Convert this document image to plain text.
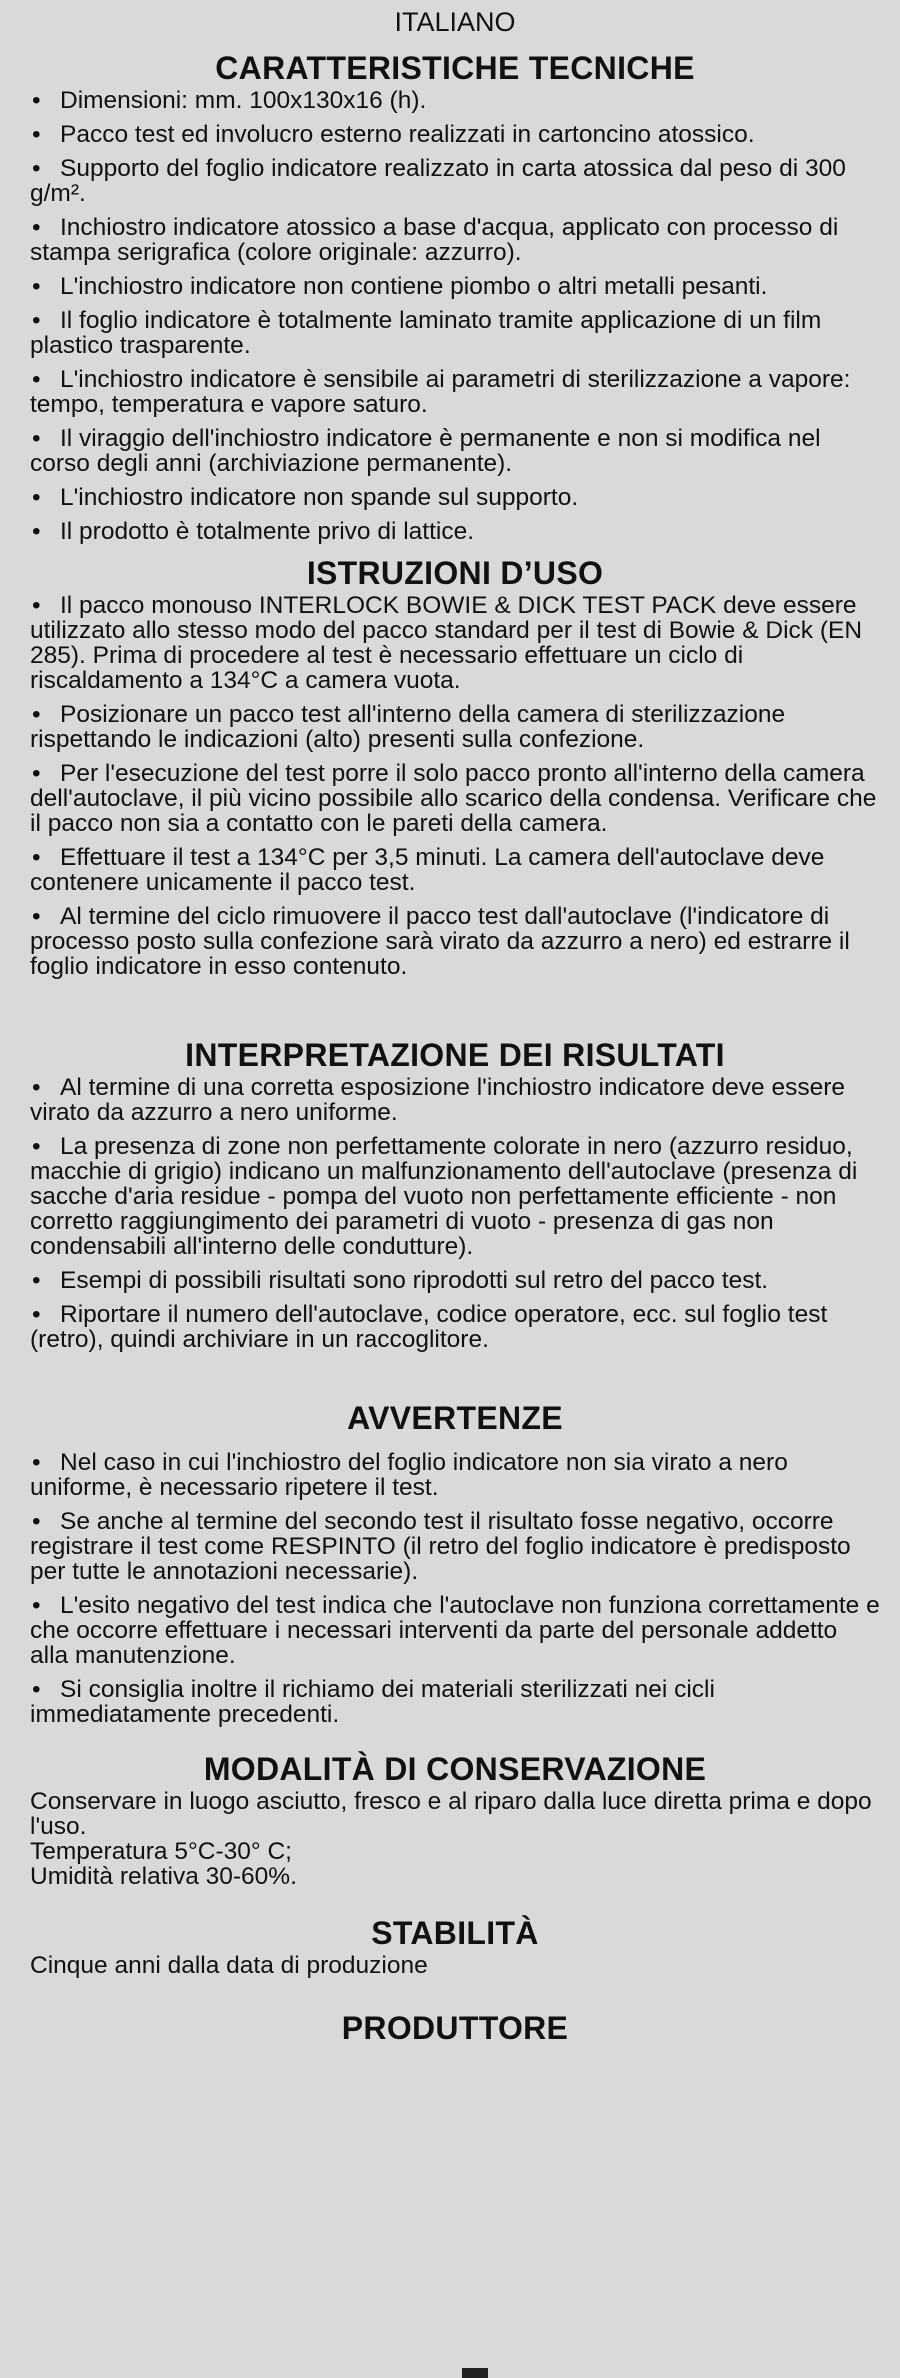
ITALIANO
CARATTERISTICHE TECNICHE
• Dimensioni: mm. 100x130x16 (h).
• Pacco test ed involucro esterno realizzati in cartoncino atossico.
• Supporto del foglio indicatore realizzato in carta atossica dal peso di 300 g/m².
• Inchiostro indicatore atossico a base d'acqua, applicato con processo di stampa serigrafica (colore originale: azzurro).
• L'inchiostro indicatore non contiene piombo o altri metalli pesanti.
• Il foglio indicatore è totalmente laminato tramite applicazione di un film plastico trasparente.
• L'inchiostro indicatore è sensibile ai parametri di sterilizzazione a vapore: tempo, temperatura e vapore saturo.
• Il viraggio dell'inchiostro indicatore è permanente e non si modifica nel corso degli anni (archiviazione permanente).
• L'inchiostro indicatore non spande sul supporto.
• Il prodotto è totalmente privo di lattice.
ISTRUZIONI D’USO
• Il pacco monouso INTERLOCK BOWIE & DICK TEST PACK deve essere utilizzato allo stesso modo del pacco standard per il test di Bowie & Dick (EN 285). Prima di procedere al test è necessario effettuare un ciclo di riscaldamento a 134°C a camera vuota.
• Posizionare un pacco test all'interno della camera di sterilizzazione rispettando le indicazioni (alto) presenti sulla confezione.
• Per l'esecuzione del test porre il solo pacco pronto all'interno della camera dell'autoclave, il più vicino possibile allo scarico della condensa. Verificare che il pacco non sia a contatto con le pareti della camera.
• Effettuare il test a 134°C per 3,5 minuti. La camera dell'autoclave deve contenere unicamente il pacco test.
• Al termine del ciclo rimuovere il pacco test dall'autoclave (l'indicatore di processo posto sulla confezione sarà virato da azzurro a nero) ed estrarre il foglio indicatore in esso contenuto.
INTERPRETAZIONE DEI RISULTATI
• Al termine di una corretta esposizione l'inchiostro indicatore deve essere virato da azzurro a nero uniforme.
• La presenza di zone non perfettamente colorate in nero (azzurro residuo, macchie di grigio) indicano un malfunzionamento dell'autoclave (presenza di sacche d'aria residue - pompa del vuoto non perfettamente efficiente - non corretto raggiungimento dei parametri di vuoto - presenza di gas non condensabili all'interno delle condutture).
• Esempi di possibili risultati sono riprodotti sul retro del pacco test.
• Riportare il numero dell'autoclave, codice operatore, ecc. sul foglio test (retro), quindi archiviare in un raccoglitore.
AVVERTENZE
• Nel caso in cui l'inchiostro del foglio indicatore non sia virato a nero uniforme, è necessario ripetere il test.
• Se anche al termine del secondo test il risultato fosse negativo, occorre registrare il test come RESPINTO (il retro del foglio indicatore è predisposto per tutte le annotazioni necessarie).
• L'esito negativo del test indica che l'autoclave non funziona correttamente e che occorre effettuare i necessari interventi da parte del personale addetto alla manutenzione.
• Si consiglia inoltre il richiamo dei materiali sterilizzati nei cicli immediatamente precedenti.
MODALITÀ DI CONSERVAZIONE

Conservare in luogo asciutto, fresco e al riparo dalla luce diretta prima e dopo l'uso.

Temperatura 5°C-30° C;

Umidità relativa 30-60%.

STABILITÀ

Cinque anni dalla data di produzione

PRODUTTORE
